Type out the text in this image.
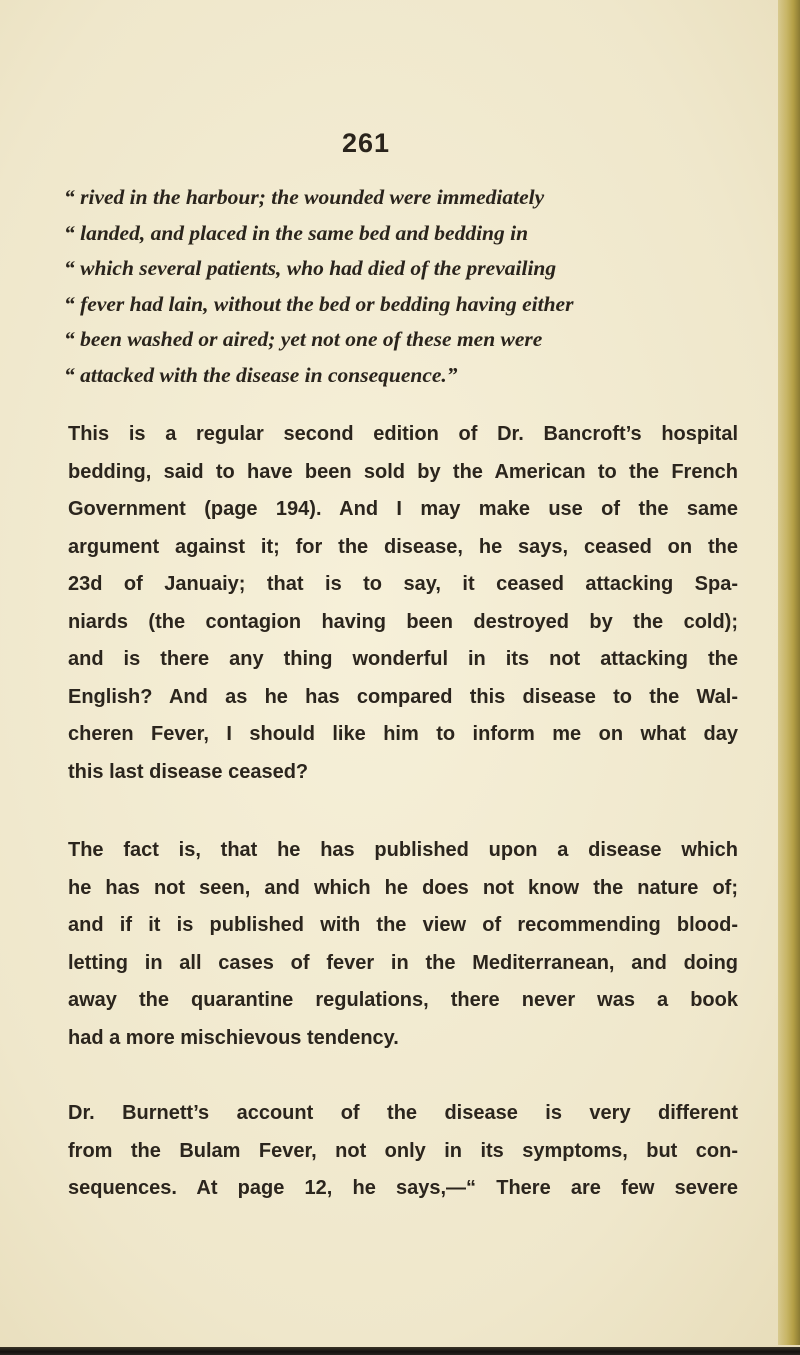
261
“ rived in the harbour; the wounded were immediately
“ landed, and placed in the same bed and bedding in
“ which several patients, who had died of the prevailing
“ fever had lain, without the bed or bedding having either
“ been washed or aired; yet not one of these men were
“ attacked with the disease in consequence.”
This is a regular second edition of Dr. Bancroft’s hospital
bedding, said to have been sold by the American to the French
Government (page 194). And I may make use of the same
argument against it; for the disease, he says, ceased on the
23d of Januaiy; that is to say, it ceased attacking Spa-
niards (the contagion having been destroyed by the cold);
and is there any thing wonderful in its not attacking the
English? And as he has compared this disease to the Wal-
cheren Fever, I should like him to inform me on what day
this last disease ceased?
The fact is, that he has published upon a disease which
he has not seen, and which he does not know the nature of;
and if it is published with the view of recommending blood-
letting in all cases of fever in the Mediterranean, and doing
away the quarantine regulations, there never was a book
had a more mischievous tendency.
Dr. Burnett’s account of the disease is very different
from the Bulam Fever, not only in its symptoms, but con-
sequences. At page 12, he says,—“ There are few severe
